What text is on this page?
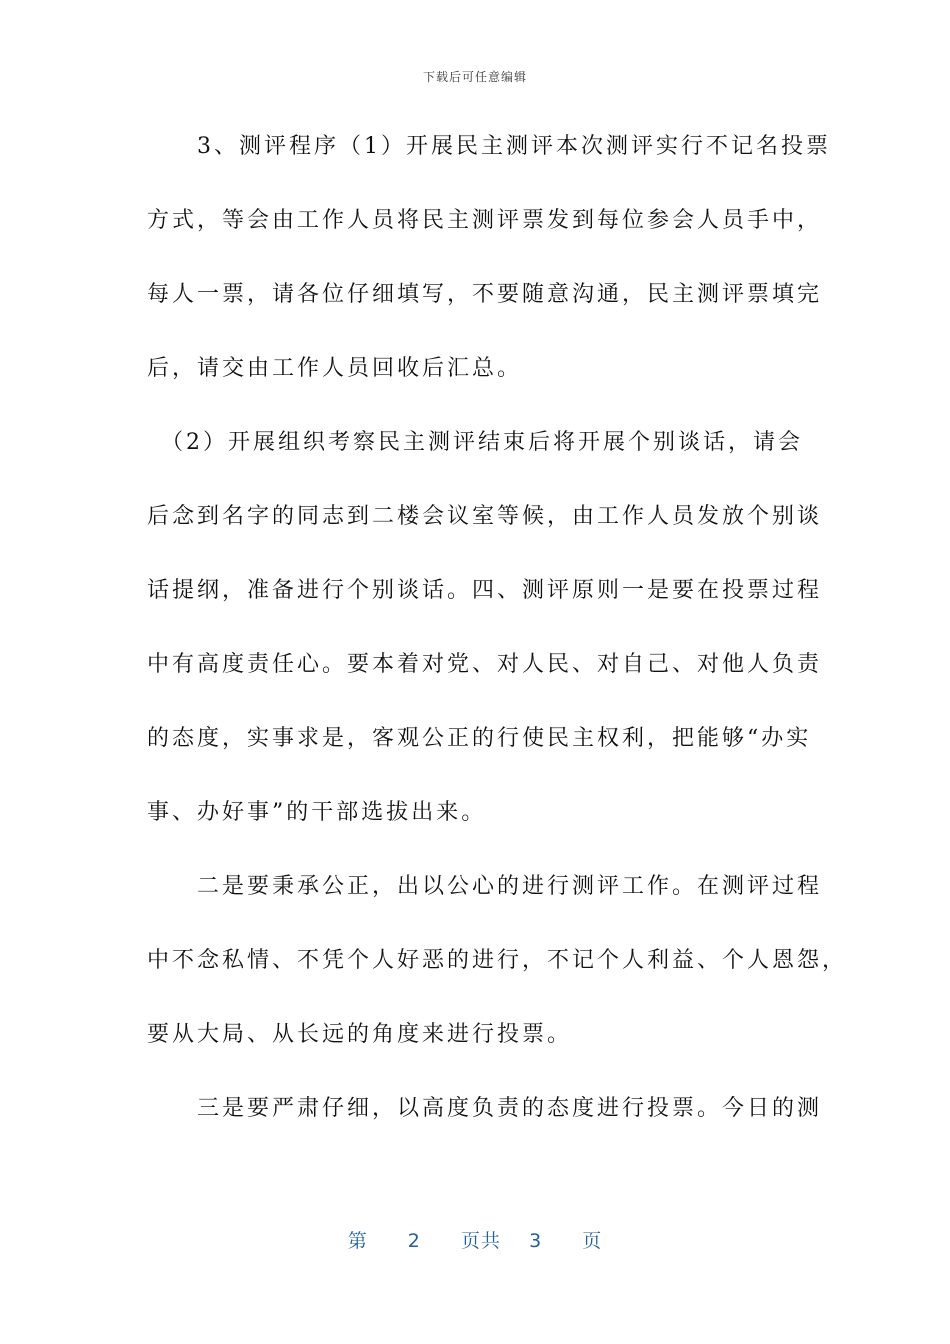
下载后可任意编辑

　　3、测评程序（1）开展民主测评本次测评实行不记名投票
方式，等会由工作人员将民主测评票发到每位参会人员手中，
每人一票，请各位仔细填写，不要随意沟通，民主测评票填完
后，请交由工作人员回收后汇总。

　（2）开展组织考察民主测评结束后将开展个别谈话，请会
后念到名字的同志到二楼会议室等候，由工作人员发放个别谈
话提纲，准备进行个别谈话。四、测评原则一是要在投票过程
中有高度责任心。要本着对党、对人民、对自己、对他人负责
的态度，实事求是，客观公正的行使民主权利，把能够“办实
事、办好事”的干部选拔出来。

　　二是要秉承公正，出以公心的进行测评工作。在测评过程
中不念私情、不凭个人好恶的进行，不记个人利益、个人恩怨，
要从大局、从长远的角度来进行投票。

　　三是要严肃仔细，以高度负责的态度进行投票。今日的测

第 2 页共 3 页
